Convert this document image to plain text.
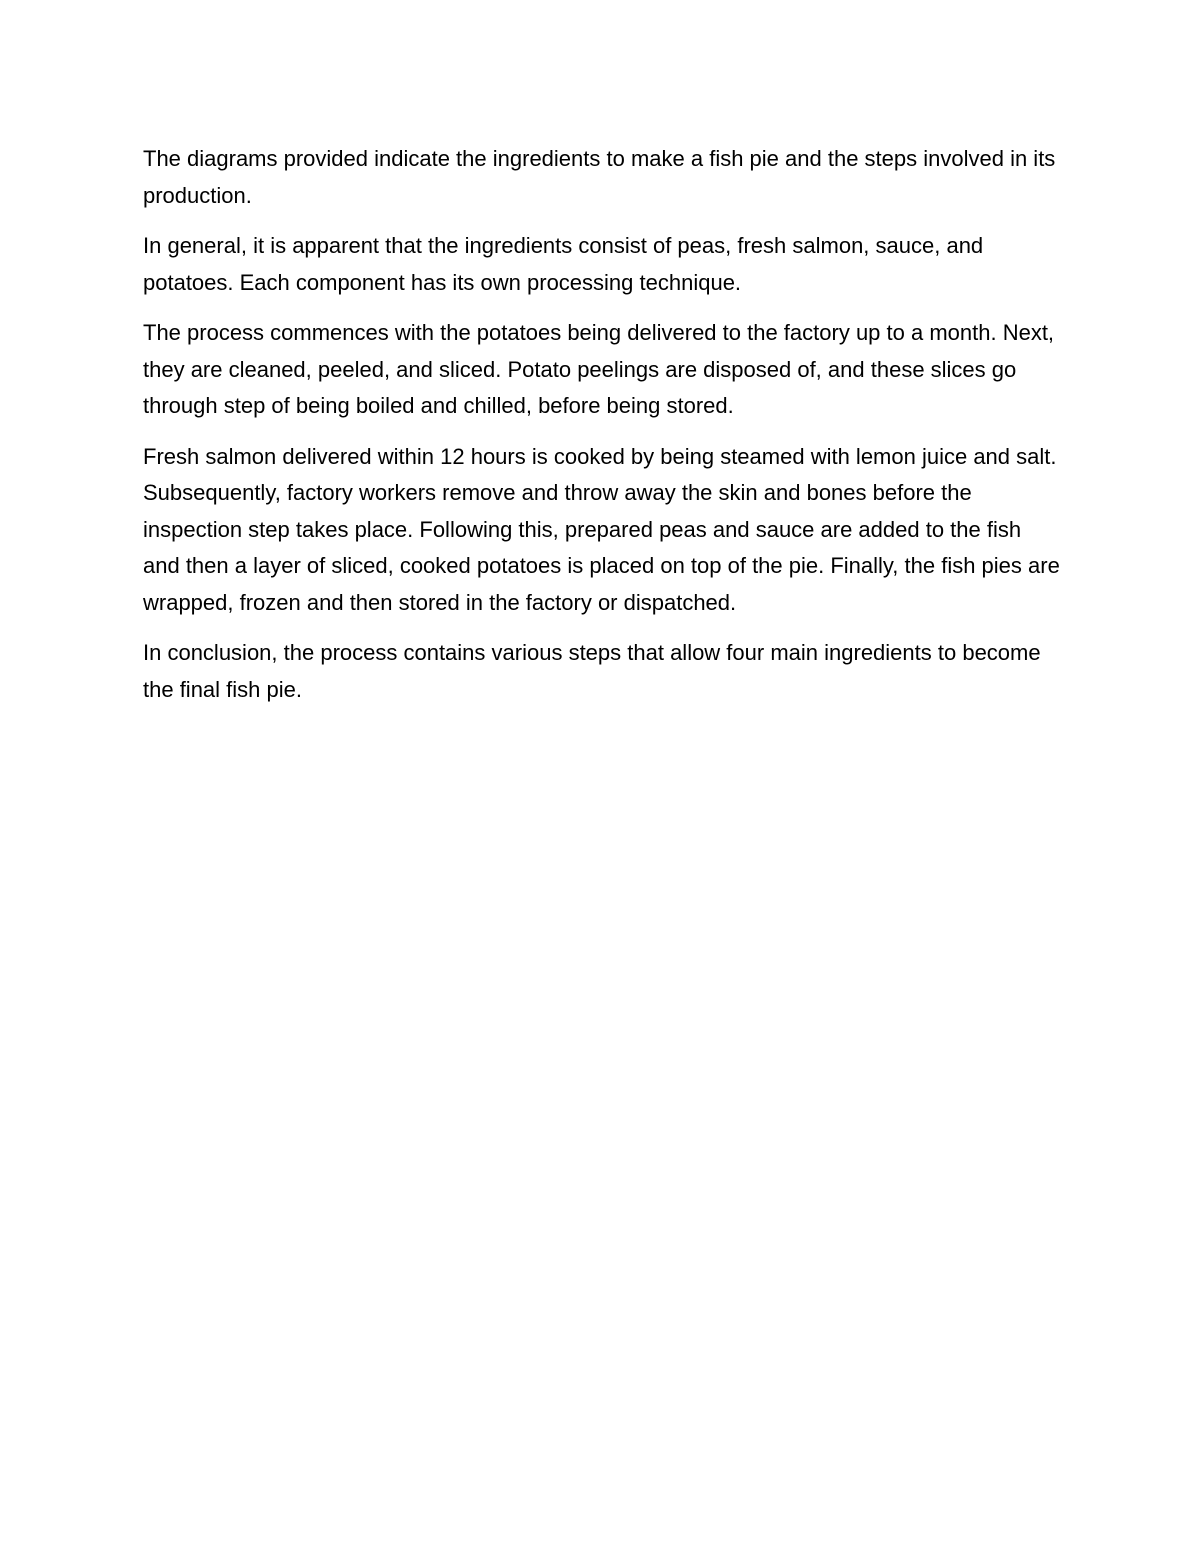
The diagrams provided indicate the ingredients to make a fish pie and the steps involved in its production.

In general, it is apparent that the ingredients consist of peas, fresh salmon, sauce, and potatoes. Each component has its own processing technique.

The process commences with the potatoes being delivered to the factory up to a month. Next, they are cleaned, peeled, and sliced. Potato peelings are disposed of, and these slices go through step of being boiled and chilled, before being stored.

Fresh salmon delivered within 12 hours is cooked by being steamed with lemon juice and salt. Subsequently, factory workers remove and throw away the skin and bones before the inspection step takes place. Following this, prepared peas and sauce are added to the fish and then a layer of sliced, cooked potatoes is placed on top of the pie. Finally, the fish pies are wrapped, frozen and then stored in the factory or dispatched.

In conclusion, the process contains various steps that allow four main ingredients to become the final fish pie.
